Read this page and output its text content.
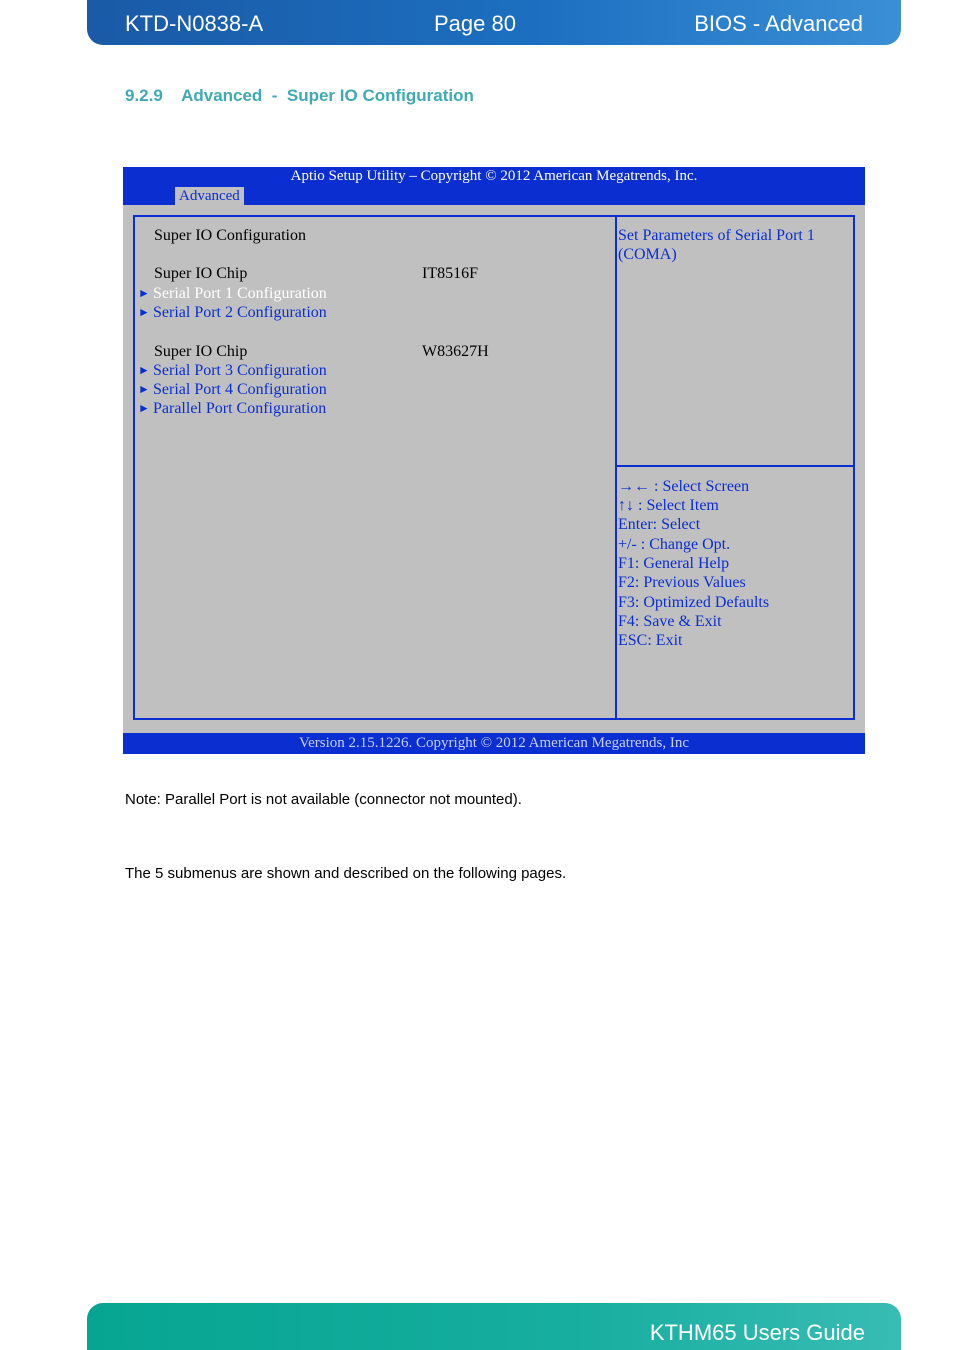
KTD-N0838-A	Page 80	BIOS - Advanced
9.2.9    Advanced  -  Super IO Configuration
Aptio Setup Utility – Copyright © 2012 American Megatrends, Inc.
Advanced
Super IO Configuration
Super IO Chip	IT8516F
► Serial Port 1 Configuration
► Serial Port 2 Configuration
Super IO Chip	W83627H
► Serial Port 3 Configuration
► Serial Port 4 Configuration
► Parallel Port Configuration
Set Parameters of Serial Port 1
(COMA)
→← : Select Screen
↑↓ : Select Item
Enter: Select
+/- : Change Opt.
F1: General Help
F2: Previous Values
F3: Optimized Defaults
F4: Save & Exit
ESC: Exit
Version 2.15.1226. Copyright © 2012 American Megatrends, Inc
Note: Parallel Port is not available (connector not mounted).
The 5 submenus are shown and described on the following pages.
KTHM65 Users Guide
